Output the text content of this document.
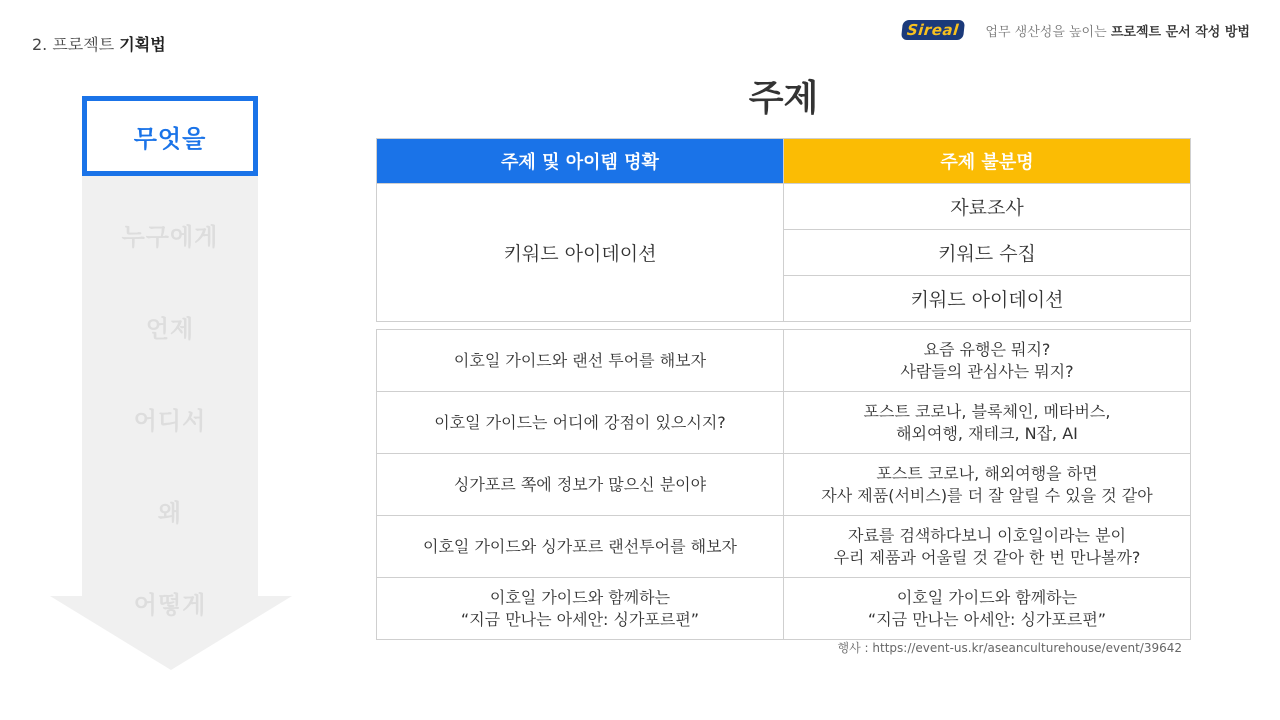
2. 프로젝트 기획법
Sireal	업무 생산성을 높이는 프로젝트 문서 작성 방법
무엇을
누구에게
언제
어디서
왜
어떻게
주제
주제 및 아이템 명확	주제 불분명
키워드 아이데이션	자료조사
	키워드 수집
	키워드 아이데이션
이호일 가이드와 랜선 투어를 해보자	요즘 유행은 뭐지?
사람들의 관심사는 뭐지?

이호일 가이드는 어디에 강점이 있으시지?	포스트 코로나, 블록체인, 메타버스,
해외여행, 재테크, N잡, AI

싱가포르 쪽에 정보가 많으신 분이야	포스트 코로나, 해외여행을 하면
자사 제품(서비스)를 더 잘 알릴 수 있을 것 같아

이호일 가이드와 싱가포르 랜선투어를 해보자	자료를 검색하다보니 이호일이라는 분이
우리 제품과 어울릴 것 같아 한 번 만나볼까?

이호일 가이드와 함께하는
“지금 만나는 아세안: 싱가포르편”	이호일 가이드와 함께하는
“지금 만나는 아세안: 싱가포르편”
행사 : https://event-us.kr/aseanculturehouse/event/39642
